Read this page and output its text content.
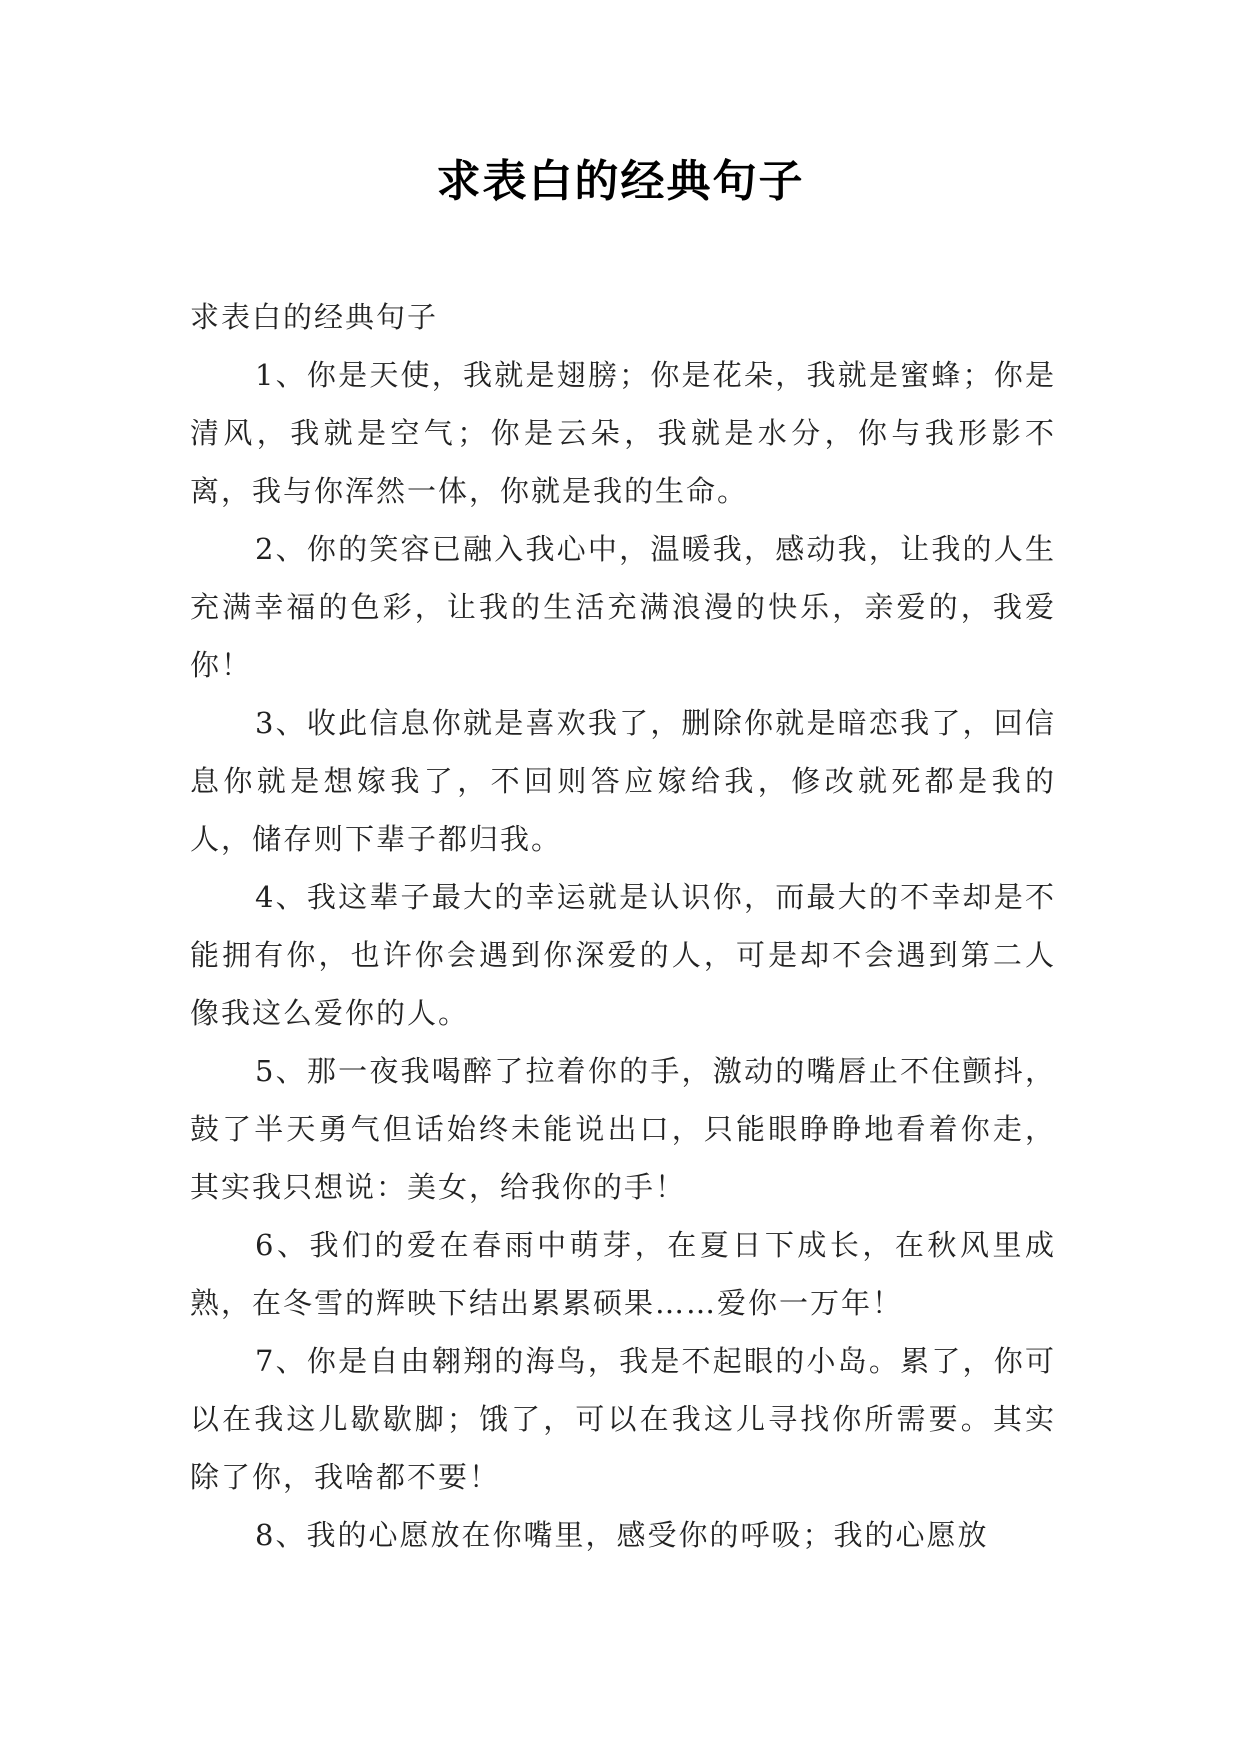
求表白的经典句子

求表白的经典句子

1、你是天使，我就是翅膀；你是花朵，我就是蜜蜂；你是清风，我就是空气；你是云朵，我就是水分，你与我形影不离，我与你浑然一体，你就是我的生命。

2、你的笑容已融入我心中，温暖我，感动我，让我的人生充满幸福的色彩，让我的生活充满浪漫的快乐，亲爱的，我爱你！

3、收此信息你就是喜欢我了，删除你就是暗恋我了，回信息你就是想嫁我了，不回则答应嫁给我，修改就死都是我的人，储存则下辈子都归我。

4、我这辈子最大的幸运就是认识你，而最大的不幸却是不能拥有你，也许你会遇到你深爱的人，可是却不会遇到第二人像我这么爱你的人。

5、那一夜我喝醉了拉着你的手，激动的嘴唇止不住颤抖，鼓了半天勇气但话始终未能说出口，只能眼睁睁地看着你走，其实我只想说：美女，给我你的手！

6、我们的爱在春雨中萌芽，在夏日下成长，在秋风里成熟，在冬雪的辉映下结出累累硕果……爱你一万年！

7、你是自由翱翔的海鸟，我是不起眼的小岛。累了，你可以在我这儿歇歇脚；饿了，可以在我这儿寻找你所需要。其实除了你，我啥都不要！

8、我的心愿放在你嘴里，感受你的呼吸；我的心愿放
